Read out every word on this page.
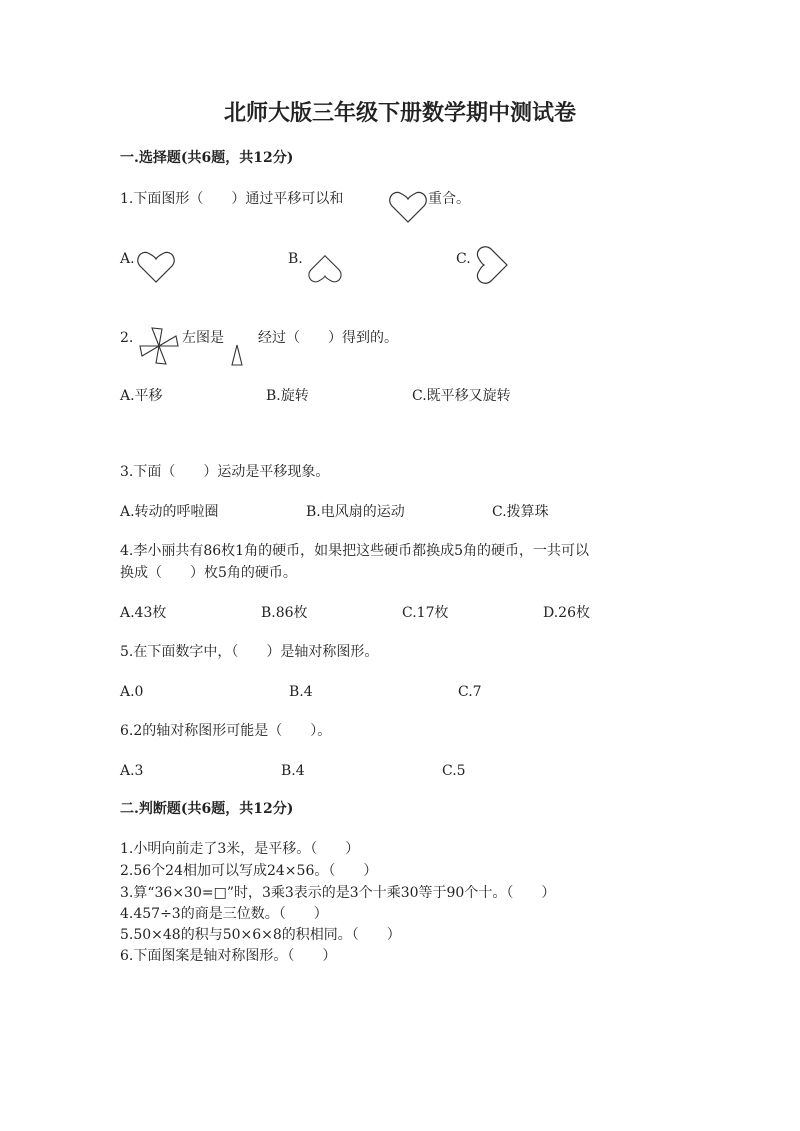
北师大版三年级下册数学期中测试卷
一.选择题(共6题，共12分)
1.下面图形（　　）通过平移可以和	重合。
A.	B.	C.
2.	左图是 经过（　　）得到的。
A.平移	B.旋转	C.既平移又旋转
3.下面（　　）运动是平移现象。
A.转动的呼啦圈	B.电风扇的运动	C.拨算珠
4.李小丽共有86枚1角的硬币，如果把这些硬币都换成5角的硬币，一共可以
换成（　　）枚5角的硬币。
A.43枚	B.86枚	C.17枚	D.26枚
5.在下面数字中，（　　）是轴对称图形。
A.0	B.4	C.7
6.2的轴对称图形可能是（　　）。
A.3	B.4	C.5
二.判断题(共6题，共12分)
1.小明向前走了3米，是平移。（　　）
2.56个24相加可以写成24×56。（　　）
3.算“36×30=□”时，3乘3表示的是3个十乘30等于90个十。（　　）
4.457÷3的商是三位数。（　　）
5.50×48的积与50×6×8的积相同。（　　）
6.下面图案是轴对称图形。（　　）
